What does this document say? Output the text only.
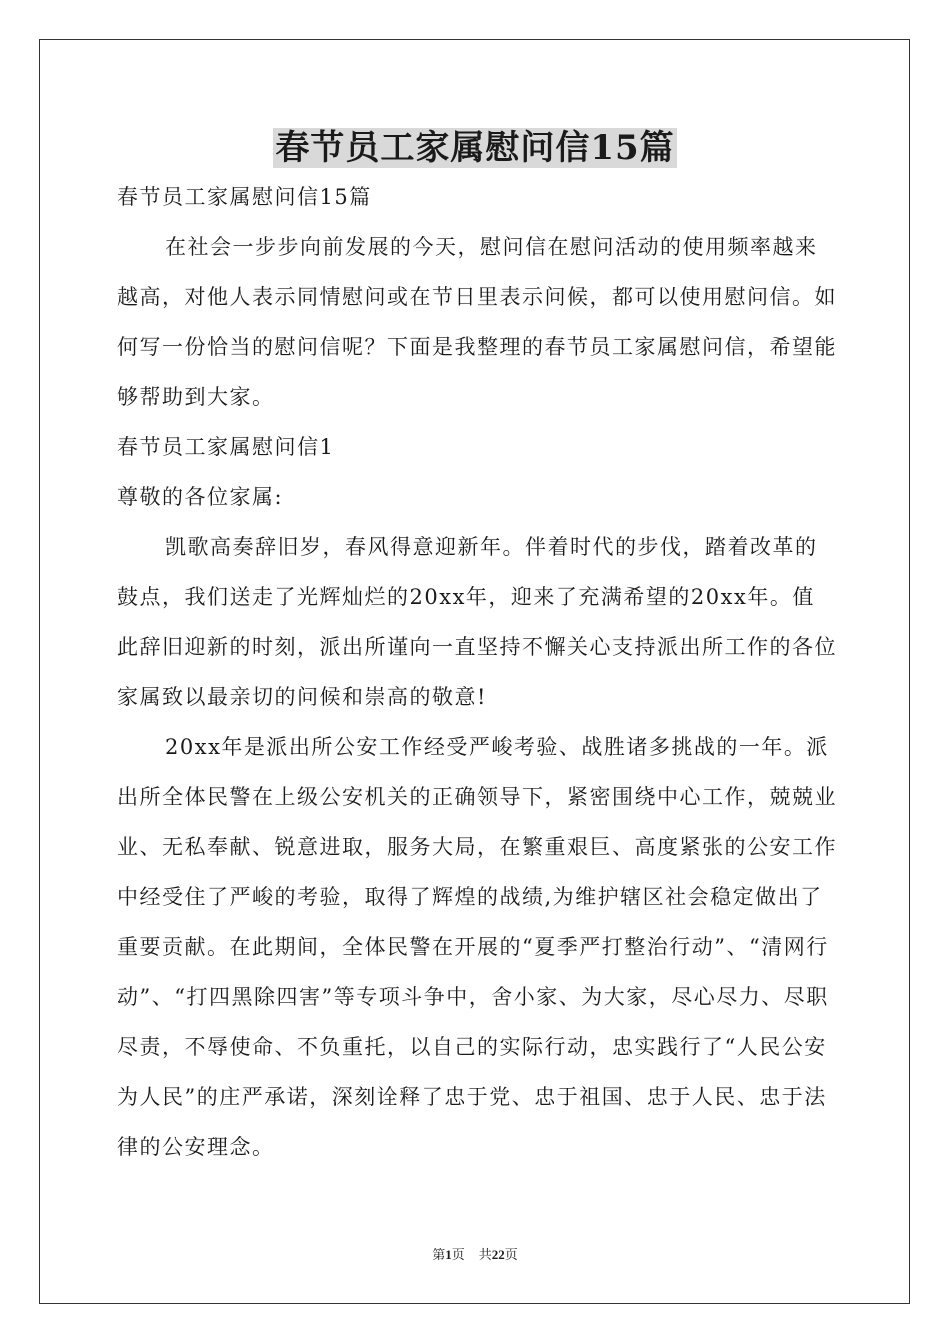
春节员工家属慰问信15篇

春节员工家属慰问信15篇

在社会一步步向前发展的今天，慰问信在慰问活动的使用频率越来越高，对他人表示同情慰问或在节日里表示问候，都可以使用慰问信。如何写一份恰当的慰问信呢？下面是我整理的春节员工家属慰问信，希望能够帮助到大家。

春节员工家属慰问信1

尊敬的各位家属:

凯歌高奏辞旧岁，春风得意迎新年。伴着时代的步伐，踏着改革的鼓点，我们送走了光辉灿烂的20xx年，迎来了充满希望的20xx年。值此辞旧迎新的时刻，派出所谨向一直坚持不懈关心支持派出所工作的各位家属致以最亲切的问候和崇高的敬意!

20xx年是派出所公安工作经受严峻考验、战胜诸多挑战的一年。派出所全体民警在上级公安机关的正确领导下，紧密围绕中心工作，兢兢业业、无私奉献、锐意进取，服务大局，在繁重艰巨、高度紧张的公安工作中经受住了严峻的考验，取得了辉煌的战绩,为维护辖区社会稳定做出了重要贡献。在此期间，全体民警在开展的“夏季严打整治行动”、“清网行动”、“打四黑除四害”等专项斗争中，舍小家、为大家，尽心尽力、尽职尽责，不辱使命、不负重托，以自己的实际行动，忠实践行了“人民公安为人民”的庄严承诺，深刻诠释了忠于党、忠于祖国、忠于人民、忠于法律的公安理念。

第1页 共22页
